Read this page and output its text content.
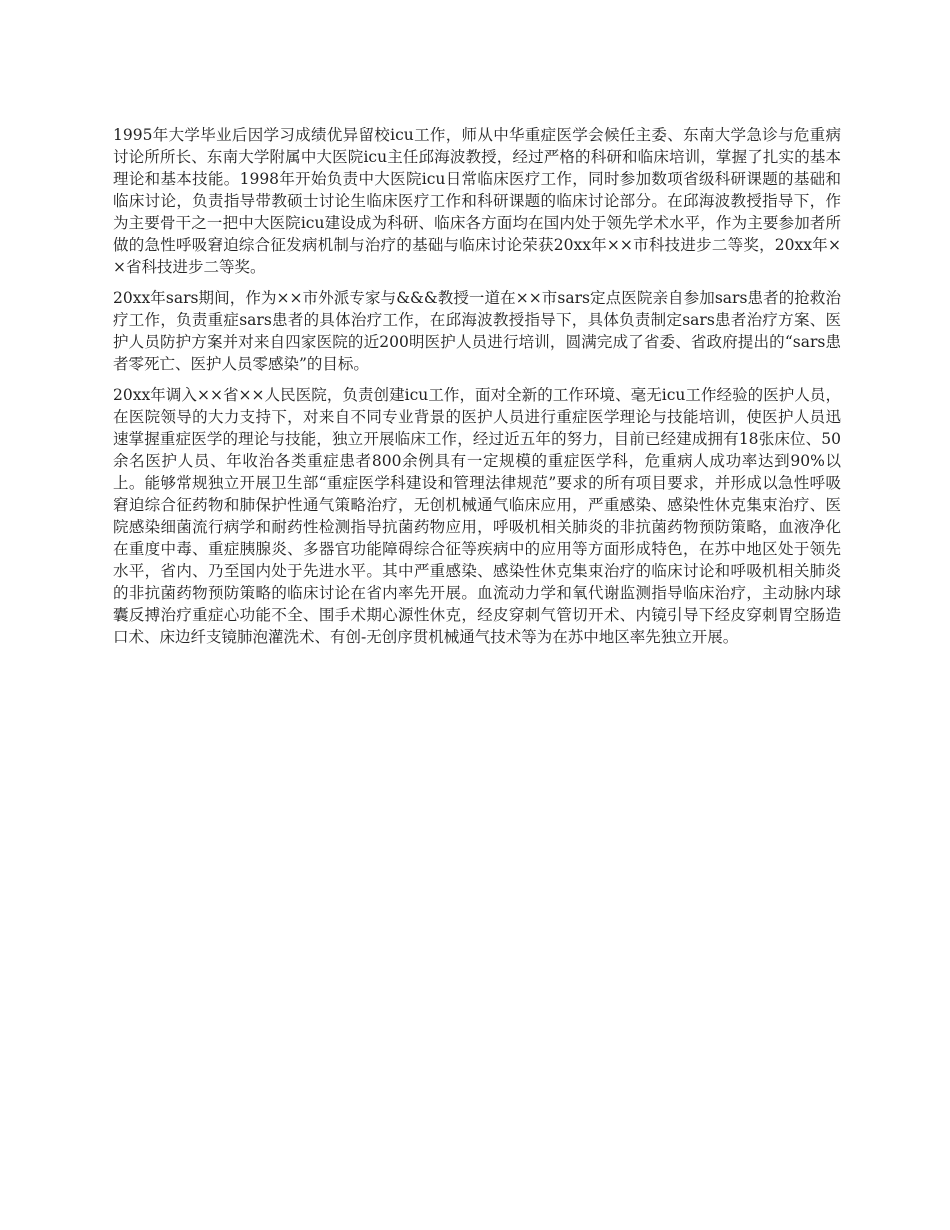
1995年大学毕业后因学习成绩优异留校icu工作，师从中华重症医学会候任主委、东南大学急诊与危重病讨论所所长、东南大学附属中大医院icu主任邱海波教授，经过严格的科研和临床培训，掌握了扎实的基本理论和基本技能。1998年开始负责中大医院icu日常临床医疗工作，同时参加数项省级科研课题的基础和临床讨论，负责指导带教硕士讨论生临床医疗工作和科研课题的临床讨论部分。在邱海波教授指导下，作为主要骨干之一把中大医院icu建设成为科研、临床各方面均在国内处于领先学术水平，作为主要参加者所做的急性呼吸窘迫综合征发病机制与治疗的基础与临床讨论荣获20xx年××市科技进步二等奖，20xx年××省科技进步二等奖。

20xx年sars期间，作为××市外派专家与&&&教授一道在××市sars定点医院亲自参加sars患者的抢救治疗工作，负责重症sars患者的具体治疗工作，在邱海波教授指导下，具体负责制定sars患者治疗方案、医护人员防护方案并对来自四家医院的近200明医护人员进行培训，圆满完成了省委、省政府提出的“sars患者零死亡、医护人员零感染”的目标。

20xx年调入××省××人民医院，负责创建icu工作，面对全新的工作环境、毫无icu工作经验的医护人员，在医院领导的大力支持下，对来自不同专业背景的医护人员进行重症医学理论与技能培训，使医护人员迅速掌握重症医学的理论与技能，独立开展临床工作，经过近五年的努力，目前已经建成拥有18张床位、50余名医护人员、年收治各类重症患者800余例具有一定规模的重症医学科，危重病人成功率达到90%以上。能够常规独立开展卫生部“重症医学科建设和管理法律规范”要求的所有项目要求，并形成以急性呼吸窘迫综合征药物和肺保护性通气策略治疗，无创机械通气临床应用，严重感染、感染性休克集束治疗、医院感染细菌流行病学和耐药性检测指导抗菌药物应用，呼吸机相关肺炎的非抗菌药物预防策略，血液净化在重度中毒、重症胰腺炎、多器官功能障碍综合征等疾病中的应用等方面形成特色，在苏中地区处于领先水平，省内、乃至国内处于先进水平。其中严重感染、感染性休克集束治疗的临床讨论和呼吸机相关肺炎的非抗菌药物预防策略的临床讨论在省内率先开展。血流动力学和氧代谢监测指导临床治疗，主动脉内球囊反搏治疗重症心功能不全、围手术期心源性休克，经皮穿刺气管切开术、内镜引导下经皮穿刺胃空肠造口术、床边纤支镜肺泡灌洗术、有创-无创序贯机械通气技术等为在苏中地区率先独立开展。
